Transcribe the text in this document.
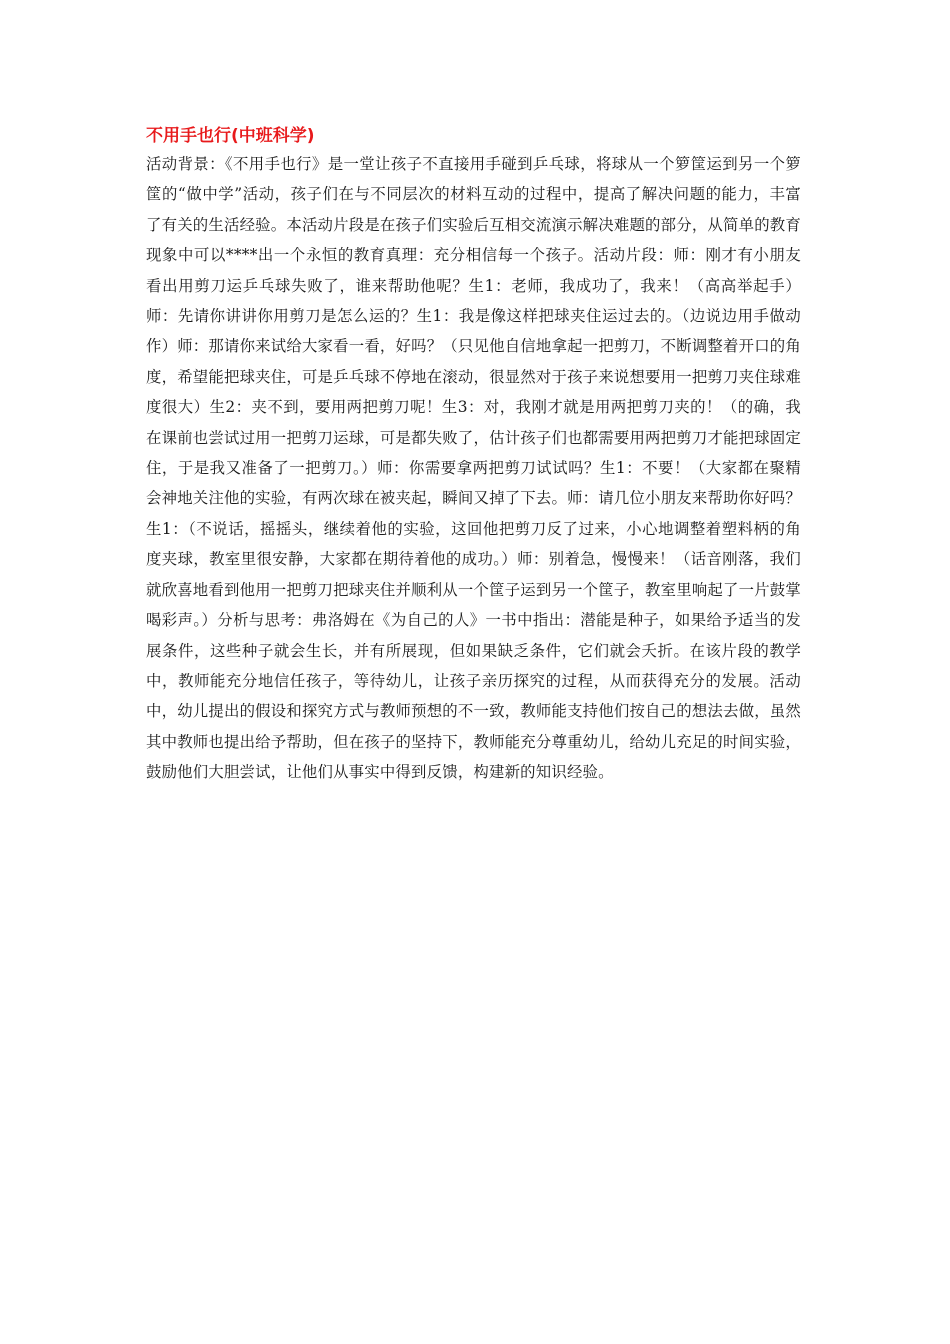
不用手也行(中班科学)

活动背景：《不用手也行》是一堂让孩子不直接用手碰到乒乓球，将球从一个箩筐运到另一个箩筐的“做中学”活动，孩子们在与不同层次的材料互动的过程中，提高了解决问题的能力，丰富了有关的生活经验。本活动片段是在孩子们实验后互相交流演示解决难题的部分，从简单的教育现象中可以****出一个永恒的教育真理：充分相信每一个孩子。活动片段：师：刚才有小朋友看出用剪刀运乒乓球失败了，谁来帮助他呢？生1：老师，我成功了，我来！（高高举起手）师：先请你讲讲你用剪刀是怎么运的？生1：我是像这样把球夹住运过去的。（边说边用手做动作）师：那请你来试给大家看一看，好吗？（只见他自信地拿起一把剪刀，不断调整着开口的角度，希望能把球夹住，可是乒乓球不停地在滚动，很显然对于孩子来说想要用一把剪刀夹住球难度很大）生2：夹不到，要用两把剪刀呢！生3：对，我刚才就是用两把剪刀夹的！（的确，我在课前也尝试过用一把剪刀运球，可是都失败了，估计孩子们也都需要用两把剪刀才能把球固定住，于是我又准备了一把剪刀。）师：你需要拿两把剪刀试试吗？生1：不要！（大家都在聚精会神地关注他的实验，有两次球在被夹起，瞬间又掉了下去。师：请几位小朋友来帮助你好吗？生1：（不说话，摇摇头，继续着他的实验，这回他把剪刀反了过来，小心地调整着塑料柄的角度夹球，教室里很安静，大家都在期待着他的成功。）师：别着急，慢慢来！（话音刚落，我们就欣喜地看到他用一把剪刀把球夹住并顺利从一个筐子运到另一个筐子，教室里响起了一片鼓掌喝彩声。）分析与思考：弗洛姆在《为自己的人》一书中指出：潜能是种子，如果给予适当的发展条件，这些种子就会生长，并有所展现，但如果缺乏条件，它们就会夭折。在该片段的教学中，教师能充分地信任孩子，等待幼儿，让孩子亲历探究的过程，从而获得充分的发展。活动中，幼儿提出的假设和探究方式与教师预想的不一致，教师能支持他们按自己的想法去做，虽然其中教师也提出给予帮助，但在孩子的坚持下，教师能充分尊重幼儿，给幼儿充足的时间实验，鼓励他们大胆尝试，让他们从事实中得到反馈，构建新的知识经验。
